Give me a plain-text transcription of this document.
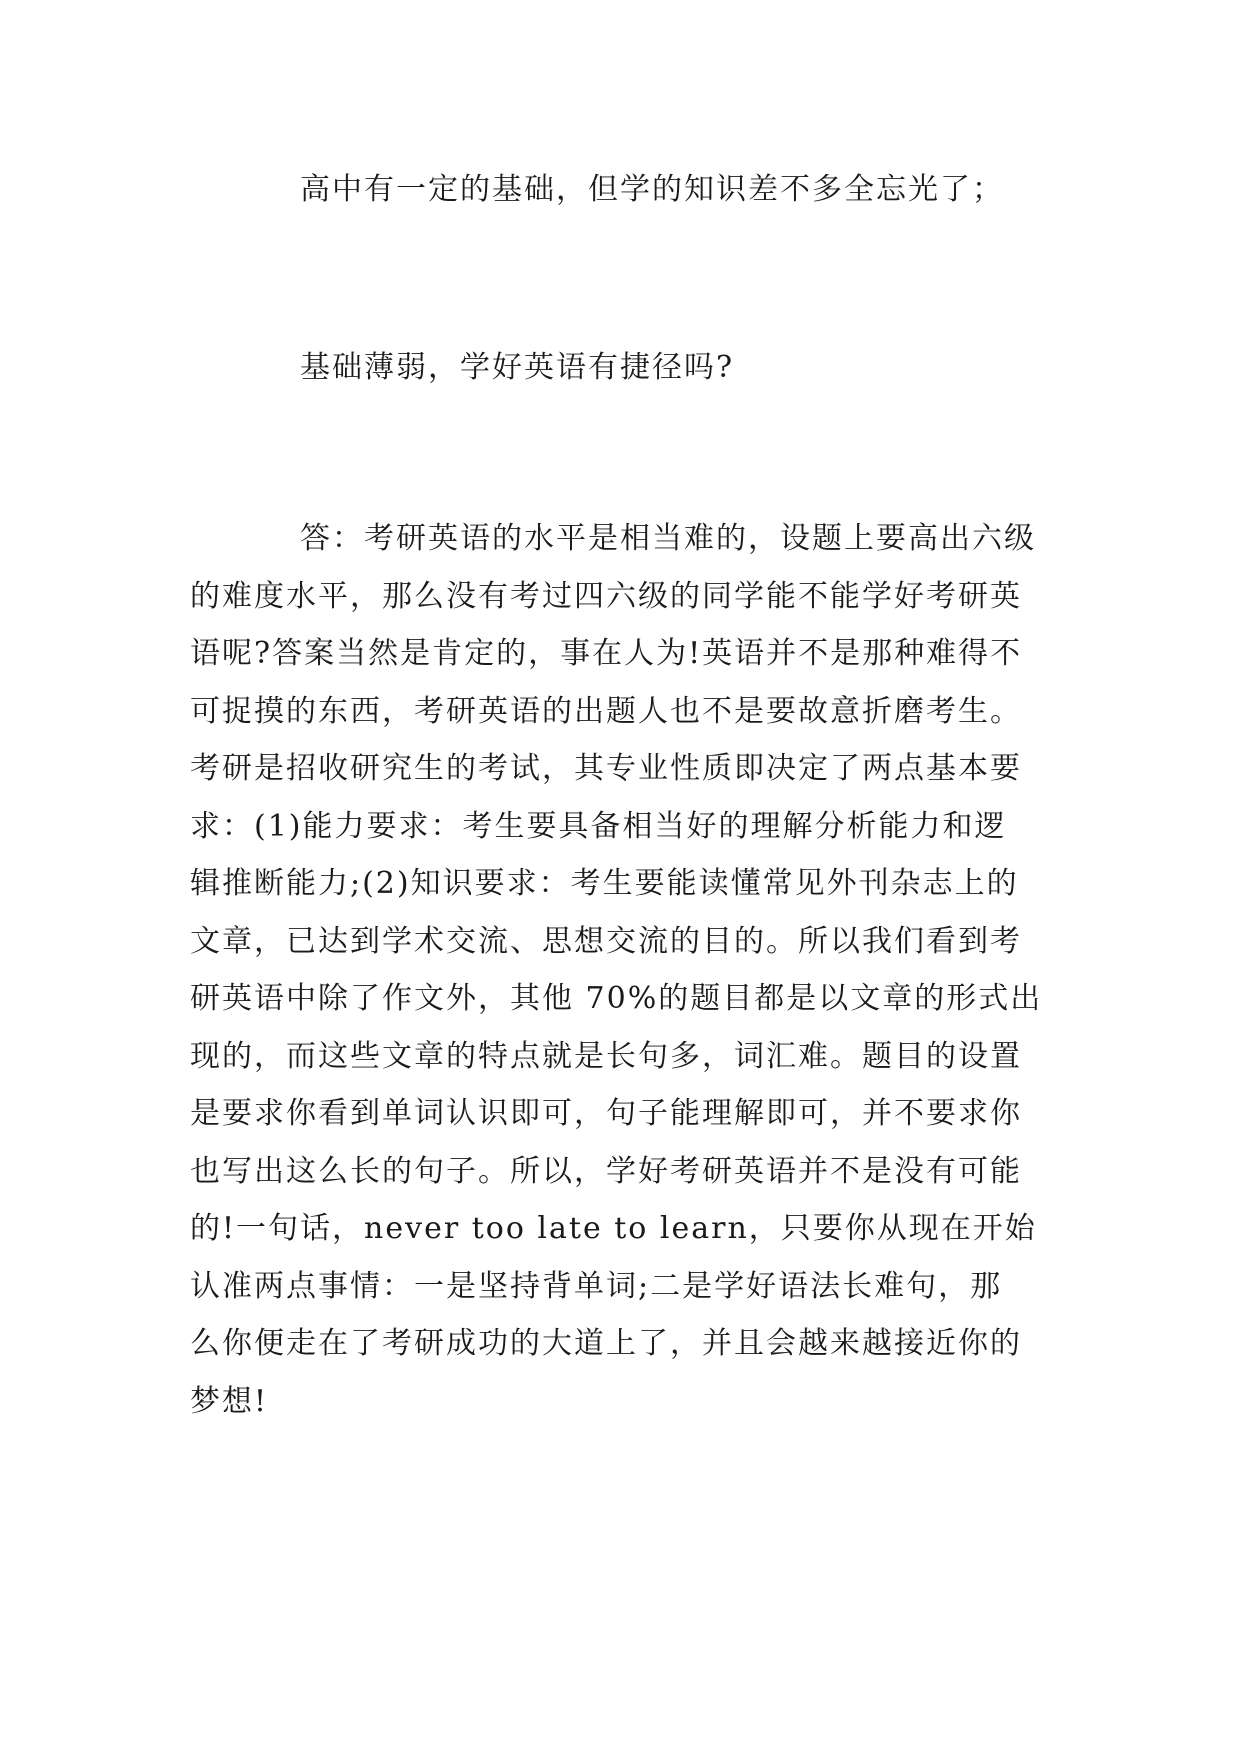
高中有一定的基础，但学的知识差不多全忘光了；

基础薄弱，学好英语有捷径吗?

答：考研英语的水平是相当难的，设题上要高出六级
的难度水平，那么没有考过四六级的同学能不能学好考研英
语呢?答案当然是肯定的，事在人为!英语并不是那种难得不
可捉摸的东西，考研英语的出题人也不是要故意折磨考生。
考研是招收研究生的考试，其专业性质即决定了两点基本要
求：(1)能力要求：考生要具备相当好的理解分析能力和逻
辑推断能力;(2)知识要求：考生要能读懂常见外刊杂志上的
文章，已达到学术交流、思想交流的目的。所以我们看到考
研英语中除了作文外，其他 70%的题目都是以文章的形式出
现的，而这些文章的特点就是长句多，词汇难。题目的设置
是要求你看到单词认识即可，句子能理解即可，并不要求你
也写出这么长的句子。所以，学好考研英语并不是没有可能
的!一句话，never too late to learn，只要你从现在开始
认准两点事情：一是坚持背单词;二是学好语法长难句，那
么你便走在了考研成功的大道上了，并且会越来越接近你的
梦想!
